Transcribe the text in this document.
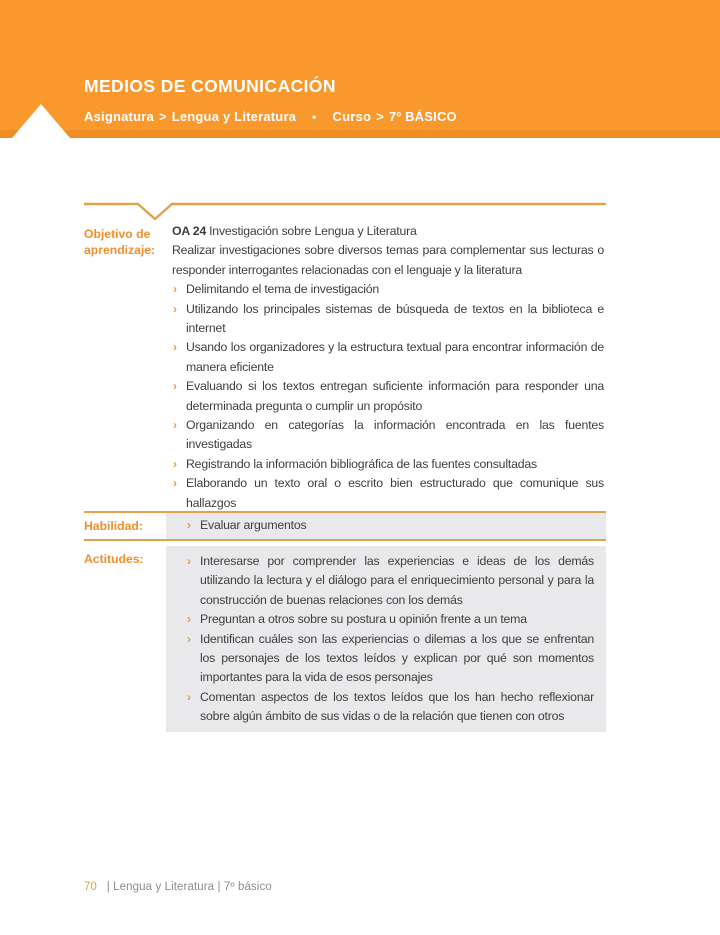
MEDIOS DE COMUNICACIÓN
Asignatura > Lengua y Literatura • Curso > 7º BÁSICO
Objetivo de aprendizaje:
OA 24 Investigación sobre Lengua y Literatura
Realizar investigaciones sobre diversos temas para complementar sus lecturas o responder interrogantes relacionadas con el lenguaje y la literatura
› Delimitando el tema de investigación
› Utilizando los principales sistemas de búsqueda de textos en la biblioteca e internet
› Usando los organizadores y la estructura textual para encontrar información de manera eficiente
› Evaluando si los textos entregan suficiente información para responder una determinada pregunta o cumplir un propósito
› Organizando en categorías la información encontrada en las fuentes investigadas
› Registrando la información bibliográfica de las fuentes consultadas
› Elaborando un texto oral o escrito bien estructurado que comunique sus hallazgos
Habilidad:	› Evaluar argumentos
Actitudes:	› Interesarse por comprender las experiencias e ideas de los demás utilizando la lectura y el diálogo para el enriquecimiento personal y para la construcción de buenas relaciones con los demás
› Preguntan a otros sobre su postura u opinión frente a un tema
› Identifican cuáles son las experiencias o dilemas a los que se enfrentan los personajes de los textos leídos y explican por qué son momentos importantes para la vida de esos personajes
› Comentan aspectos de los textos leídos que los han hecho reflexionar sobre algún ámbito de sus vidas o de la relación que tienen con otros
70 | Lengua y Literatura | 7º básico
